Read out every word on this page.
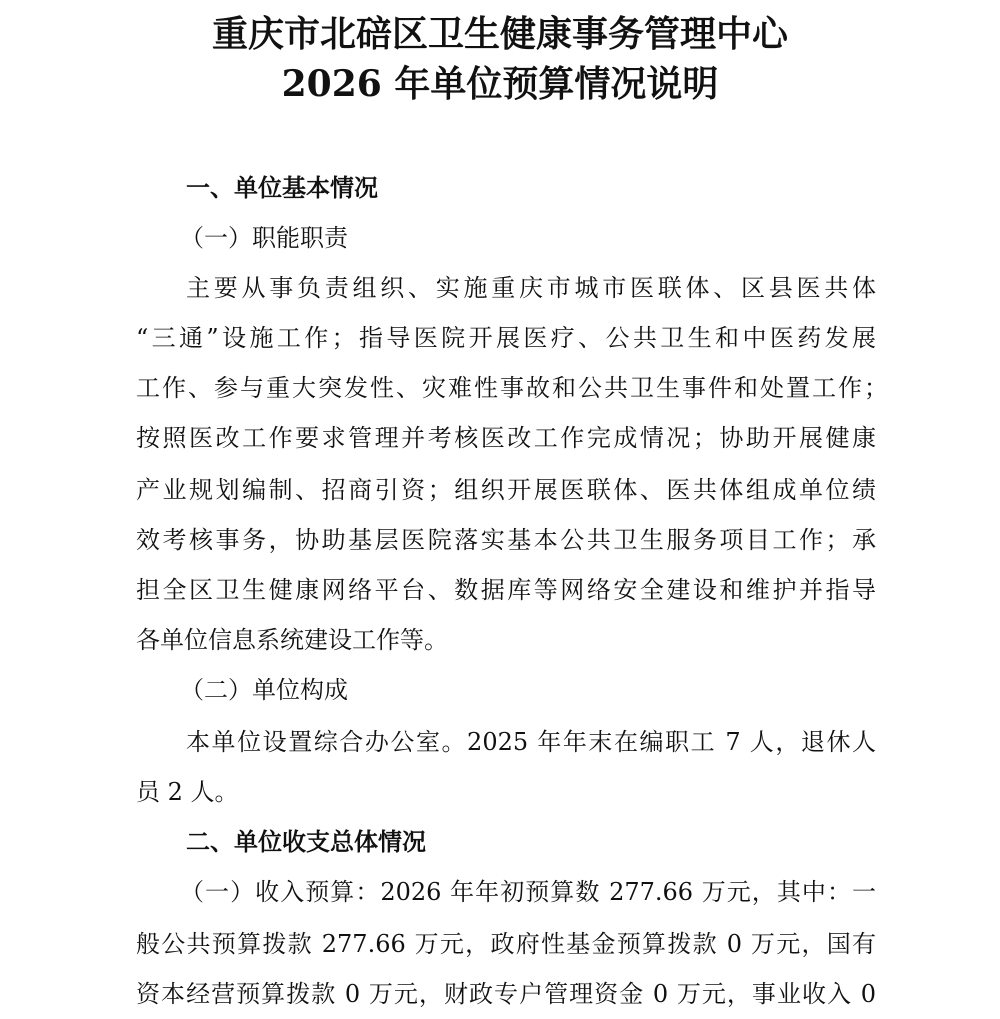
重庆市北碚区卫生健康事务管理中心
2026 年单位预算情况说明
一、单位基本情况
（一）职能职责
主要从事负责组织、实施重庆市城市医联体、区县医共体
“三通”设施工作；指导医院开展医疗、公共卫生和中医药发展
工作、参与重大突发性、灾难性事故和公共卫生事件和处置工作；
按照医改工作要求管理并考核医改工作完成情况；协助开展健康
产业规划编制、招商引资；组织开展医联体、医共体组成单位绩
效考核事务，协助基层医院落实基本公共卫生服务项目工作；承
担全区卫生健康网络平台、数据库等网络安全建设和维护并指导
各单位信息系统建设工作等。
（二）单位构成
本单位设置综合办公室。2025 年年末在编职工 7 人，退休人
员 2 人。
二、单位收支总体情况
（一）收入预算：2026 年年初预算数 277.66 万元，其中：一
般公共预算拨款 277.66 万元，政府性基金预算拨款 0 万元，国有
资本经营预算拨款 0 万元，财政专户管理资金 0 万元，事业收入 0
